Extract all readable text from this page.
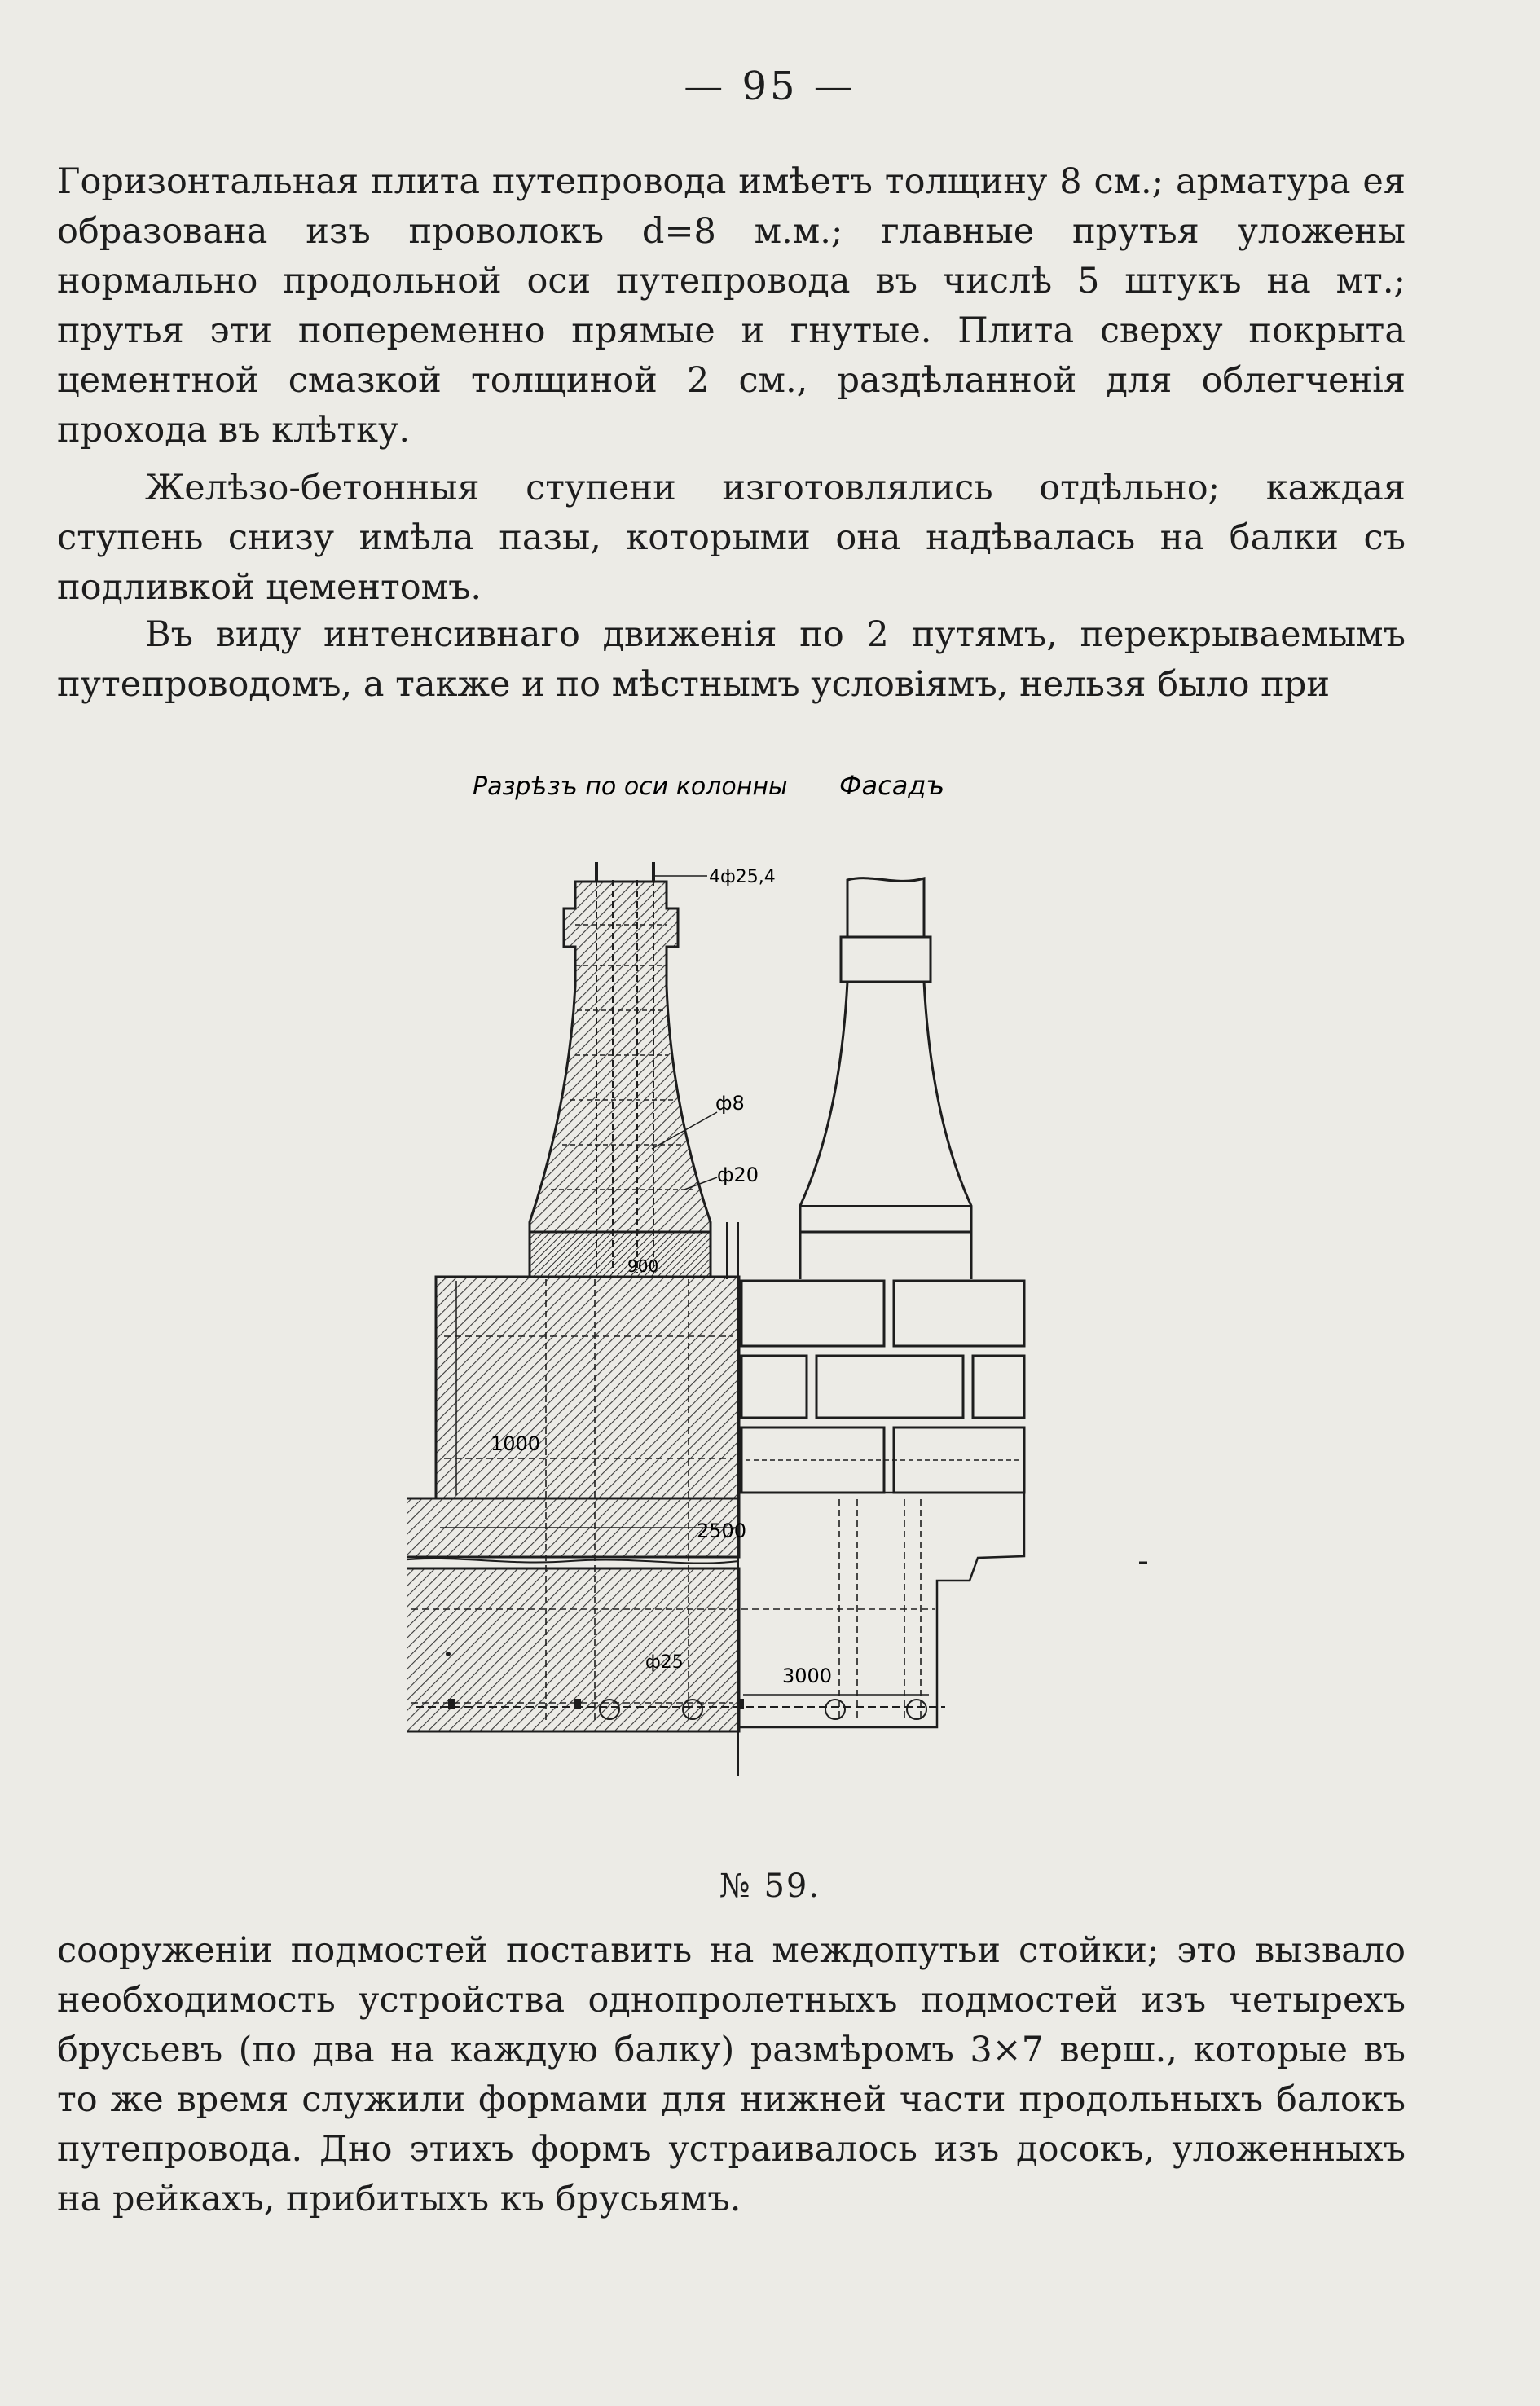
— 95 —

Горизонтальная плита путепровода имѣетъ толщину 8 см.; арматура ея образована изъ проволокъ d=8 м.м.; главные прутья уложены нормально продольной оси путепровода въ числѣ 5 штукъ на мт.; прутья эти попеременно прямые и гнутые. Плита сверху покрыта цементной смазкой толщиной 2 см., раздѣланной для облегченія прохода въ клѣтку.

Желѣзо-бетонныя ступени изготовлялись отдѣльно; каждая ступень снизу имѣла пазы, которыми она надѣвалась на балки съ подливкой цементомъ.

Въ виду интенсивнаго движенія по 2 путямъ, перекрываемымъ путепроводомъ, а также и по мѣстнымъ условіямъ, нельзя было при

Разрѣзъ по оси колонны Фасадъ
4ф25,4
ф8
ф20
900
1000
2500
ф25
3000
№ 59.

сооруженіи подмостей поставить на междопутьи стойки; это вызвало необходимость устройства однопролетныхъ подмостей изъ четырехъ брусьевъ (по два на каждую балку) размѣромъ 3×7 верш., которые въ то же время служили формами для нижней части продольныхъ балокъ путепровода. Дно этихъ формъ устраивалось изъ досокъ, уложенныхъ на рейкахъ, прибитыхъ къ брусьямъ.
